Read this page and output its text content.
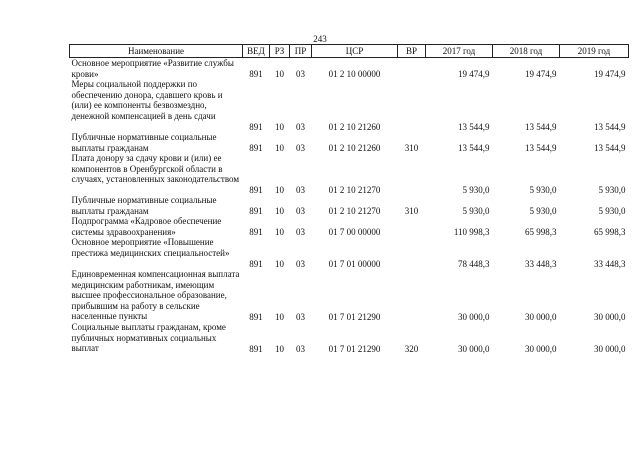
243
Наименование	ВЕД	РЗ	ПР	ЦСР	ВР	2017 год	2018 год	2019 год
Основное мероприятие «Развитие службы крови»	891	10	03	01 2 10 00000		19 474,9	19 474,9	19 474,9
Меры социальной поддержки по обеспечению донора, сдавшего кровь и (или) ее компоненты безвозмездно, денежной компенсацией в день сдачи	891	10	03	01 2 10 21260		13 544,9	13 544,9	13 544,9
Публичные нормативные социальные выплаты гражданам	891	10	03	01 2 10 21260	310	13 544,9	13 544,9	13 544,9
Плата донору за сдачу крови и (или) ее компонентов в Оренбургской области в случаях, установленных законодательством	891	10	03	01 2 10 21270		5 930,0	5 930,0	5 930,0
Публичные нормативные социальные выплаты гражданам	891	10	03	01 2 10 21270	310	5 930,0	5 930,0	5 930,0
Подпрограмма «Кадровое обеспечение системы здравоохранения»	891	10	03	01 7 00 00000		110 998,3	65 998,3	65 998,3
Основное мероприятие «Повышение престижа медицинских специальностей»	891	10	03	01 7 01 00000		78 448,3	33 448,3	33 448,3
Единовременная компенсационная выплата медицинским работникам, имеющим высшее профессиональное образование, прибывшим на работу в сельские населенные пункты	891	10	03	01 7 01 21290		30 000,0	30 000,0	30 000,0
Социальные выплаты гражданам, кроме публичных нормативных социальных выплат	891	10	03	01 7 01 21290	320	30 000,0	30 000,0	30 000,0
